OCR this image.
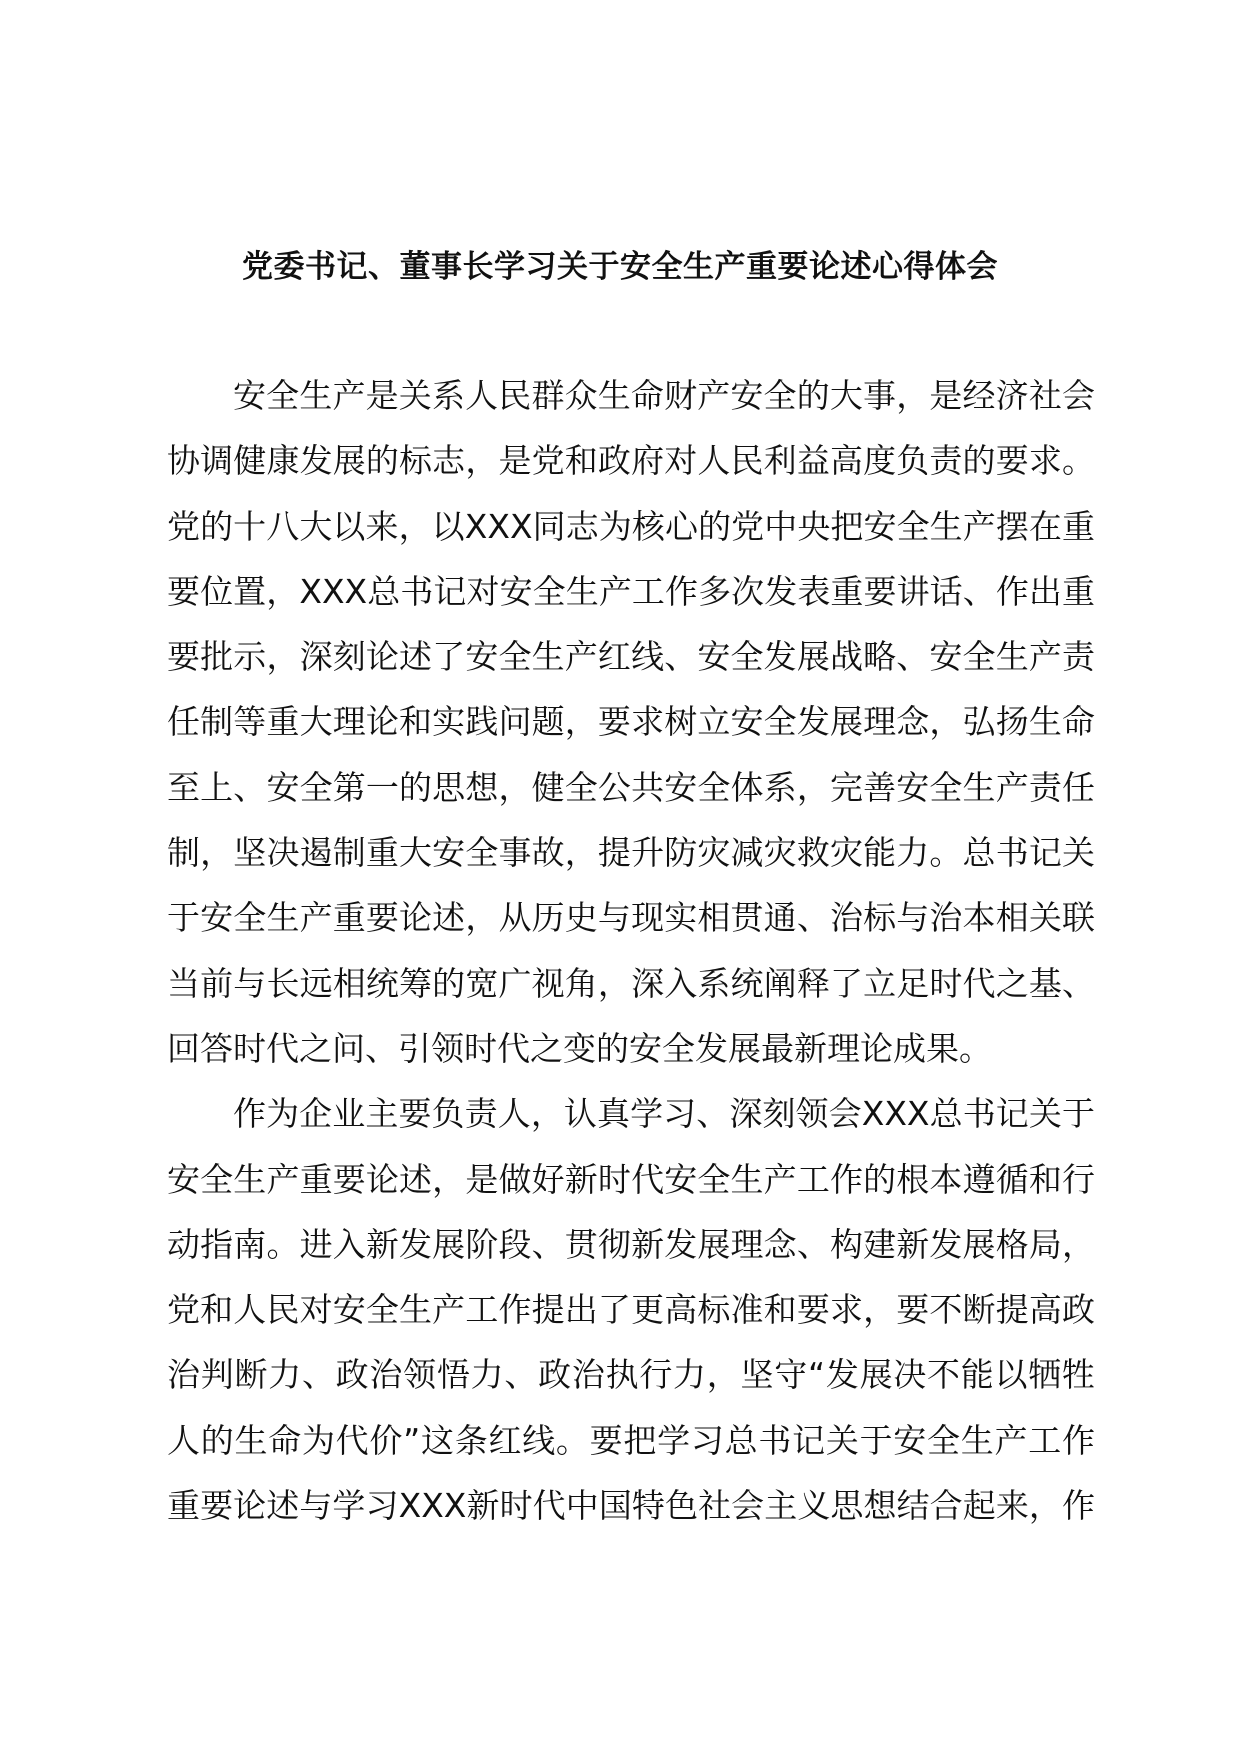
党委书记、董事长学习关于安全生产重要论述心得体会
安全生产是关系人民群众生命财产安全的大事，是经济社会
协调健康发展的标志，是党和政府对人民利益高度负责的要求。
党的十八大以来，以XXX同志为核心的党中央把安全生产摆在重
要位置，XXX总书记对安全生产工作多次发表重要讲话、作出重
要批示，深刻论述了安全生产红线、安全发展战略、安全生产责
任制等重大理论和实践问题，要求树立安全发展理念，弘扬生命
至上、安全第一的思想，健全公共安全体系，完善安全生产责任
制，坚决遏制重大安全事故，提升防灾减灾救灾能力。总书记关
于安全生产重要论述，从历史与现实相贯通、治标与治本相关联
当前与长远相统筹的宽广视角，深入系统阐释了立足时代之基、
回答时代之问、引领时代之变的安全发展最新理论成果。
作为企业主要负责人，认真学习、深刻领会XXX总书记关于
安全生产重要论述，是做好新时代安全生产工作的根本遵循和行
动指南。进入新发展阶段、贯彻新发展理念、构建新发展格局，
党和人民对安全生产工作提出了更高标准和要求，要不断提高政
治判断力、政治领悟力、政治执行力，坚守“发展决不能以牺牲
人的生命为代价”这条红线。要把学习总书记关于安全生产工作
重要论述与学习XXX新时代中国特色社会主义思想结合起来，作
